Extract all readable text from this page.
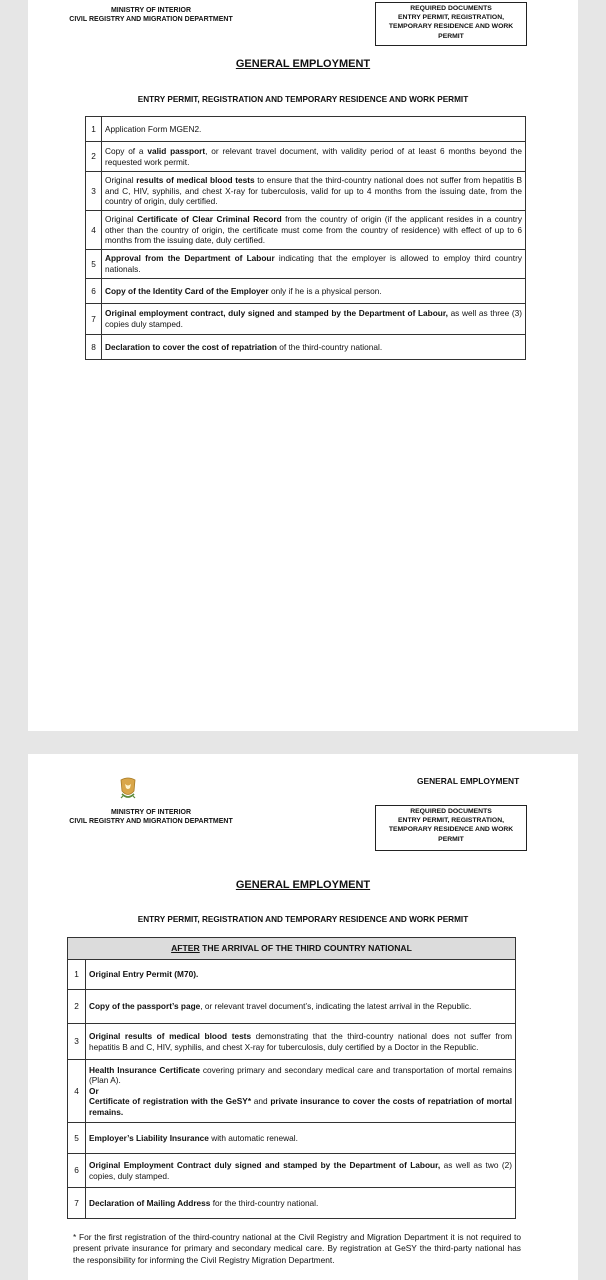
MINISTRY OF INTERIOR
CIVIL REGISTRY AND MIGRATION DEPARTMENT
REQUIRED DOCUMENTS
ENTRY PERMIT, REGISTRATION,
TEMPORARY RESIDENCE AND WORK
PERMIT
GENERAL EMPLOYMENT
ENTRY PERMIT, REGISTRATION AND TEMPORARY RESIDENCE AND WORK PERMIT
1	Application Form MGEN2.
2	Copy of a valid passport, or relevant travel document, with validity period of at least 6 months beyond the requested work permit.
3	Original results of medical blood tests to ensure that the third-country national does not suffer from hepatitis B and C, HIV, syphilis, and chest X-ray for tuberculosis, valid for up to 4 months from the issuing date, from the country of origin, duly certified.
4	Original Certificate of Clear Criminal Record from the country of origin (if the applicant resides in a country other than the country of origin, the certificate must come from the country of residence) with effect of up to 6 months from the issuing date, duly certified.
5	Approval from the Department of Labour indicating that the employer is allowed to employ third country nationals.
6	Copy of the Identity Card of the Employer only if he is a physical person.
7	Original employment contract, duly signed and stamped by the Department of Labour, as well as three (3) copies duly stamped.
8	Declaration to cover the cost of repatriation of the third-country national.
GENERAL EMPLOYMENT
MINISTRY OF INTERIOR
CIVIL REGISTRY AND MIGRATION DEPARTMENT
REQUIRED DOCUMENTS
ENTRY PERMIT, REGISTRATION,
TEMPORARY RESIDENCE AND WORK
PERMIT
GENERAL EMPLOYMENT
ENTRY PERMIT, REGISTRATION AND TEMPORARY RESIDENCE AND WORK PERMIT
AFTER THE ARRIVAL OF THE THIRD COUNTRY NATIONAL	
1	Original Entry Permit (M70).
2	Copy of the passport’s page, or relevant travel document’s, indicating the latest arrival in the Republic.
3	Original results of medical blood tests demonstrating that the third-country national does not suffer from hepatitis B and C, HIV, syphilis, and chest X-ray for tuberculosis, duly certified by a Doctor in the Republic.
4	Health Insurance Certificate covering primary and secondary medical care and transportation of mortal remains (Plan A).
Or
Certificate of registration with the GeSY* and private insurance to cover the costs of repatriation of mortal remains.
5	Employer’s Liability Insurance with automatic renewal.
6	Original Employment Contract duly signed and stamped by the Department of Labour, as well as two (2) copies, duly stamped.
7	Declaration of Mailing Address for the third-country national.
* For the first registration of the third-country national at the Civil Registry and Migration Department it is not required to present private insurance for primary and secondary medical care. By registration at GeSY the third-party national has the responsibility for informing the Civil Registry Migration Department.
